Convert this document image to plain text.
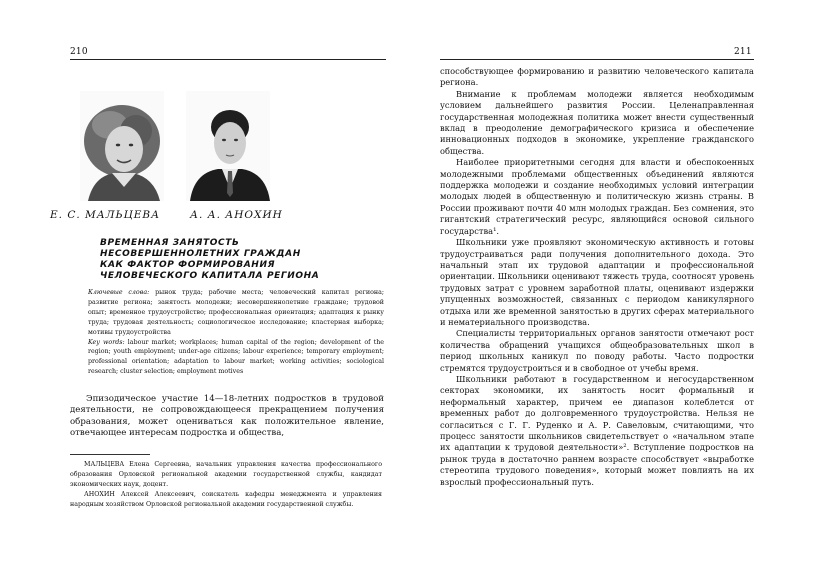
210
Е. С. МАЛЬЦЕВА	А. А. АНОХИН
ВРЕМЕННАЯ ЗАНЯТОСТЬ
НЕСОВЕРШЕННОЛЕТНИХ ГРАЖДАН
КАК ФАКТОР ФОРМИРОВАНИЯ
ЧЕЛОВЕЧЕСКОГО КАПИТАЛА РЕГИОНА
Ключевые слова: рынок труда; рабочие места; человеческий капитал региона; развитие региона; занятость молодежи; несовершеннолетние граждане; трудовой опыт; временное трудоустройство; профессиональная ориентация; адаптация к рынку труда; трудовая деятельность; социологическое исследование; кластерная выборка; мотивы трудоустройства
Key words: labour market; workplaces; human capital of the region; development of the region; youth employment; under-age citizens; labour experience; temporary employment; professional orientation; adaptation to labour market; working activities; sociological research; cluster selection; employment motives

Эпизодическое участие 14—18-летних подростков в трудовой деятельности, не сопровождающееся прекращением получения образования, может оцениваться как положительное явление, отвечающее интересам подростка и общества,

МАЛЬЦЕВА Елена Сергеевна, начальник управления качества профессионального образования Орловской региональной академии государственной службы, кандидат экономических наук, доцент.

АНОХИН Алексей Алексеевич, соискатель кафедры менеджмента и управления народным хозяйством Орловской региональной академии государственной службы.

211

способствующее формированию и развитию человеческого капитала региона.

Внимание к проблемам молодежи является необходимым условием дальнейшего развития России. Целенаправленная государственная молодежная политика может внести существенный вклад в преодоление демографического кризиса и обеспечение инновационных подходов в экономике, укрепление гражданского общества.

Наиболее приоритетными сегодня для власти и обеспокоенных молодежными проблемами общественных объединений являются поддержка молодежи и создание необходимых условий интеграции молодых людей в общественную и политическую жизнь страны. В России проживают почти 40 млн молодых граждан. Без сомнения, это гигантский стратегический ресурс, являющийся основой сильного государства¹.

Школьники уже проявляют экономическую активность и готовы трудоустраиваться ради получения дополнительного дохода. Это начальный этап их трудовой адаптации и профессиональной ориентации. Школьники оценивают тяжесть труда, соотносят уровень трудовых затрат с уровнем заработной платы, оценивают издержки упущенных возможностей, связанных с периодом каникулярного отдыха или же временной занятостью в других сферах материального и нематериального производства.

Специалисты территориальных органов занятости отмечают рост количества обращений учащихся общеобразовательных школ в период школьных каникул по поводу работы. Часто подростки стремятся трудоустроиться и в свободное от учебы время.

Школьники работают в государственном и негосударственном секторах экономики, их занятость носит формальный и неформальный характер, причем ее диапазон колеблется от временных работ до долговременного трудоустройства. Нельзя не согласиться с Г. Г. Руденко и А. Р. Савеловым, считающими, что процесс занятости школьников свидетельствует о «начальном этапе их адаптации к трудовой деятельности»². Вступление подростков на рынок труда в достаточно раннем возрасте способствует «выработке стереотипа трудового поведения», который может повлиять на их взрослый профессиональный путь.
